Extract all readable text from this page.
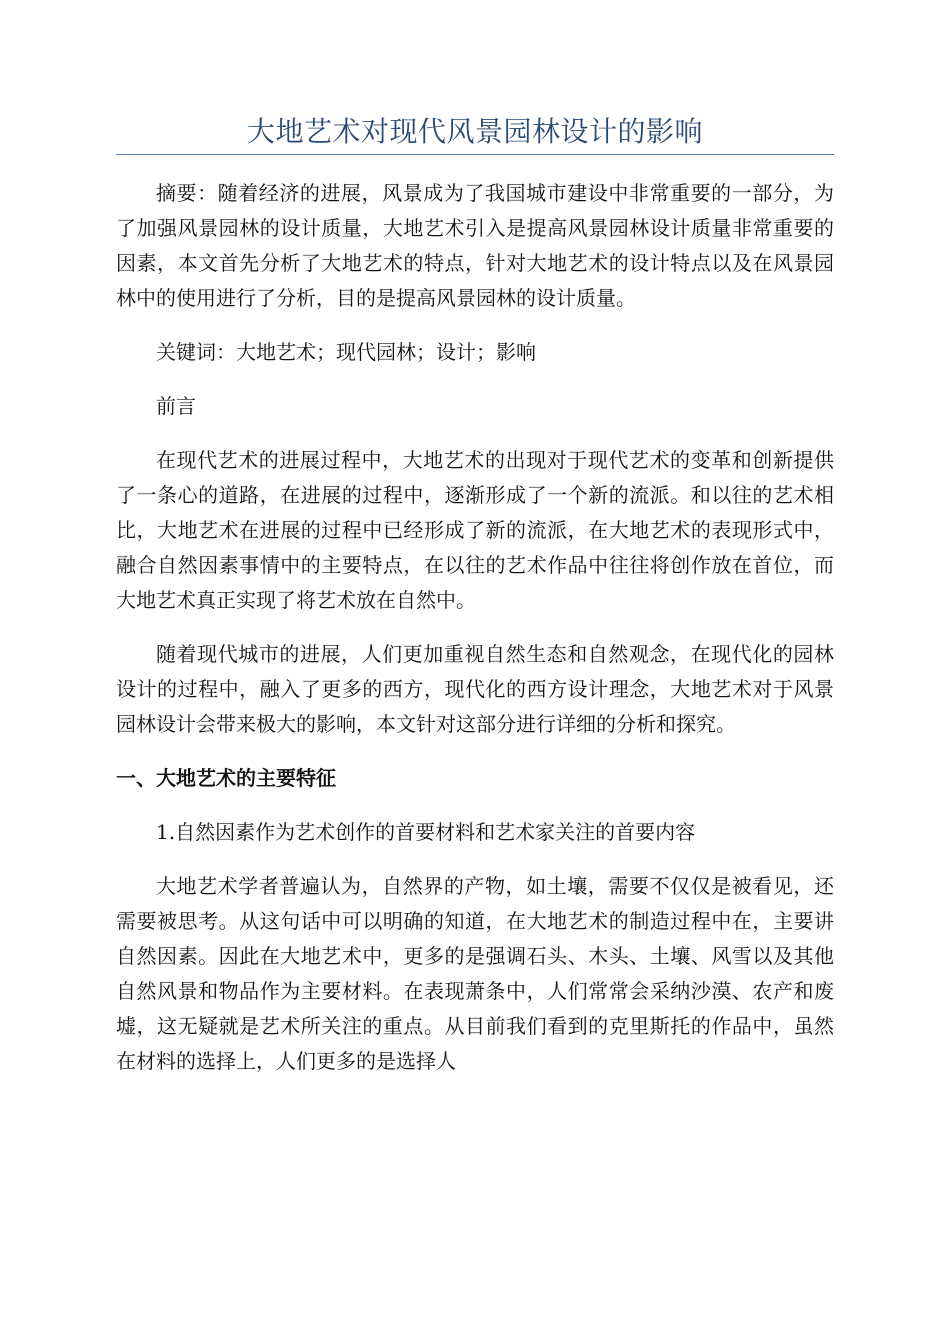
大地艺术对现代风景园林设计的影响

摘要：随着经济的进展，风景成为了我国城市建设中非常重要的一部分，为了加强风景园林的设计质量，大地艺术引入是提高风景园林设计质量非常重要的因素，本文首先分析了大地艺术的特点，针对大地艺术的设计特点以及在风景园林中的使用进行了分析，目的是提高风景园林的设计质量。

关键词：大地艺术；现代园林；设计；影响

前言

在现代艺术的进展过程中，大地艺术的出现对于现代艺术的变革和创新提供了一条心的道路，在进展的过程中，逐渐形成了一个新的流派。和以往的艺术相比，大地艺术在进展的过程中已经形成了新的流派，在大地艺术的表现形式中，融合自然因素事情中的主要特点，在以往的艺术作品中往往将创作放在首位，而大地艺术真正实现了将艺术放在自然中。

随着现代城市的进展，人们更加重视自然生态和自然观念，在现代化的园林设计的过程中，融入了更多的西方，现代化的西方设计理念，大地艺术对于风景园林设计会带来极大的影响，本文针对这部分进行详细的分析和探究。

一、大地艺术的主要特征

1.自然因素作为艺术创作的首要材料和艺术家关注的首要内容

大地艺术学者普遍认为，自然界的产物，如土壤，需要不仅仅是被看见，还需要被思考。从这句话中可以明确的知道，在大地艺术的制造过程中在，主要讲自然因素。因此在大地艺术中，更多的是强调石头、木头、土壤、风雪以及其他自然风景和物品作为主要材料。在表现萧条中，人们常常会采纳沙漠、农产和废墟，这无疑就是艺术所关注的重点。从目前我们看到的克里斯托的作品中，虽然在材料的选择上，人们更多的是选择人
